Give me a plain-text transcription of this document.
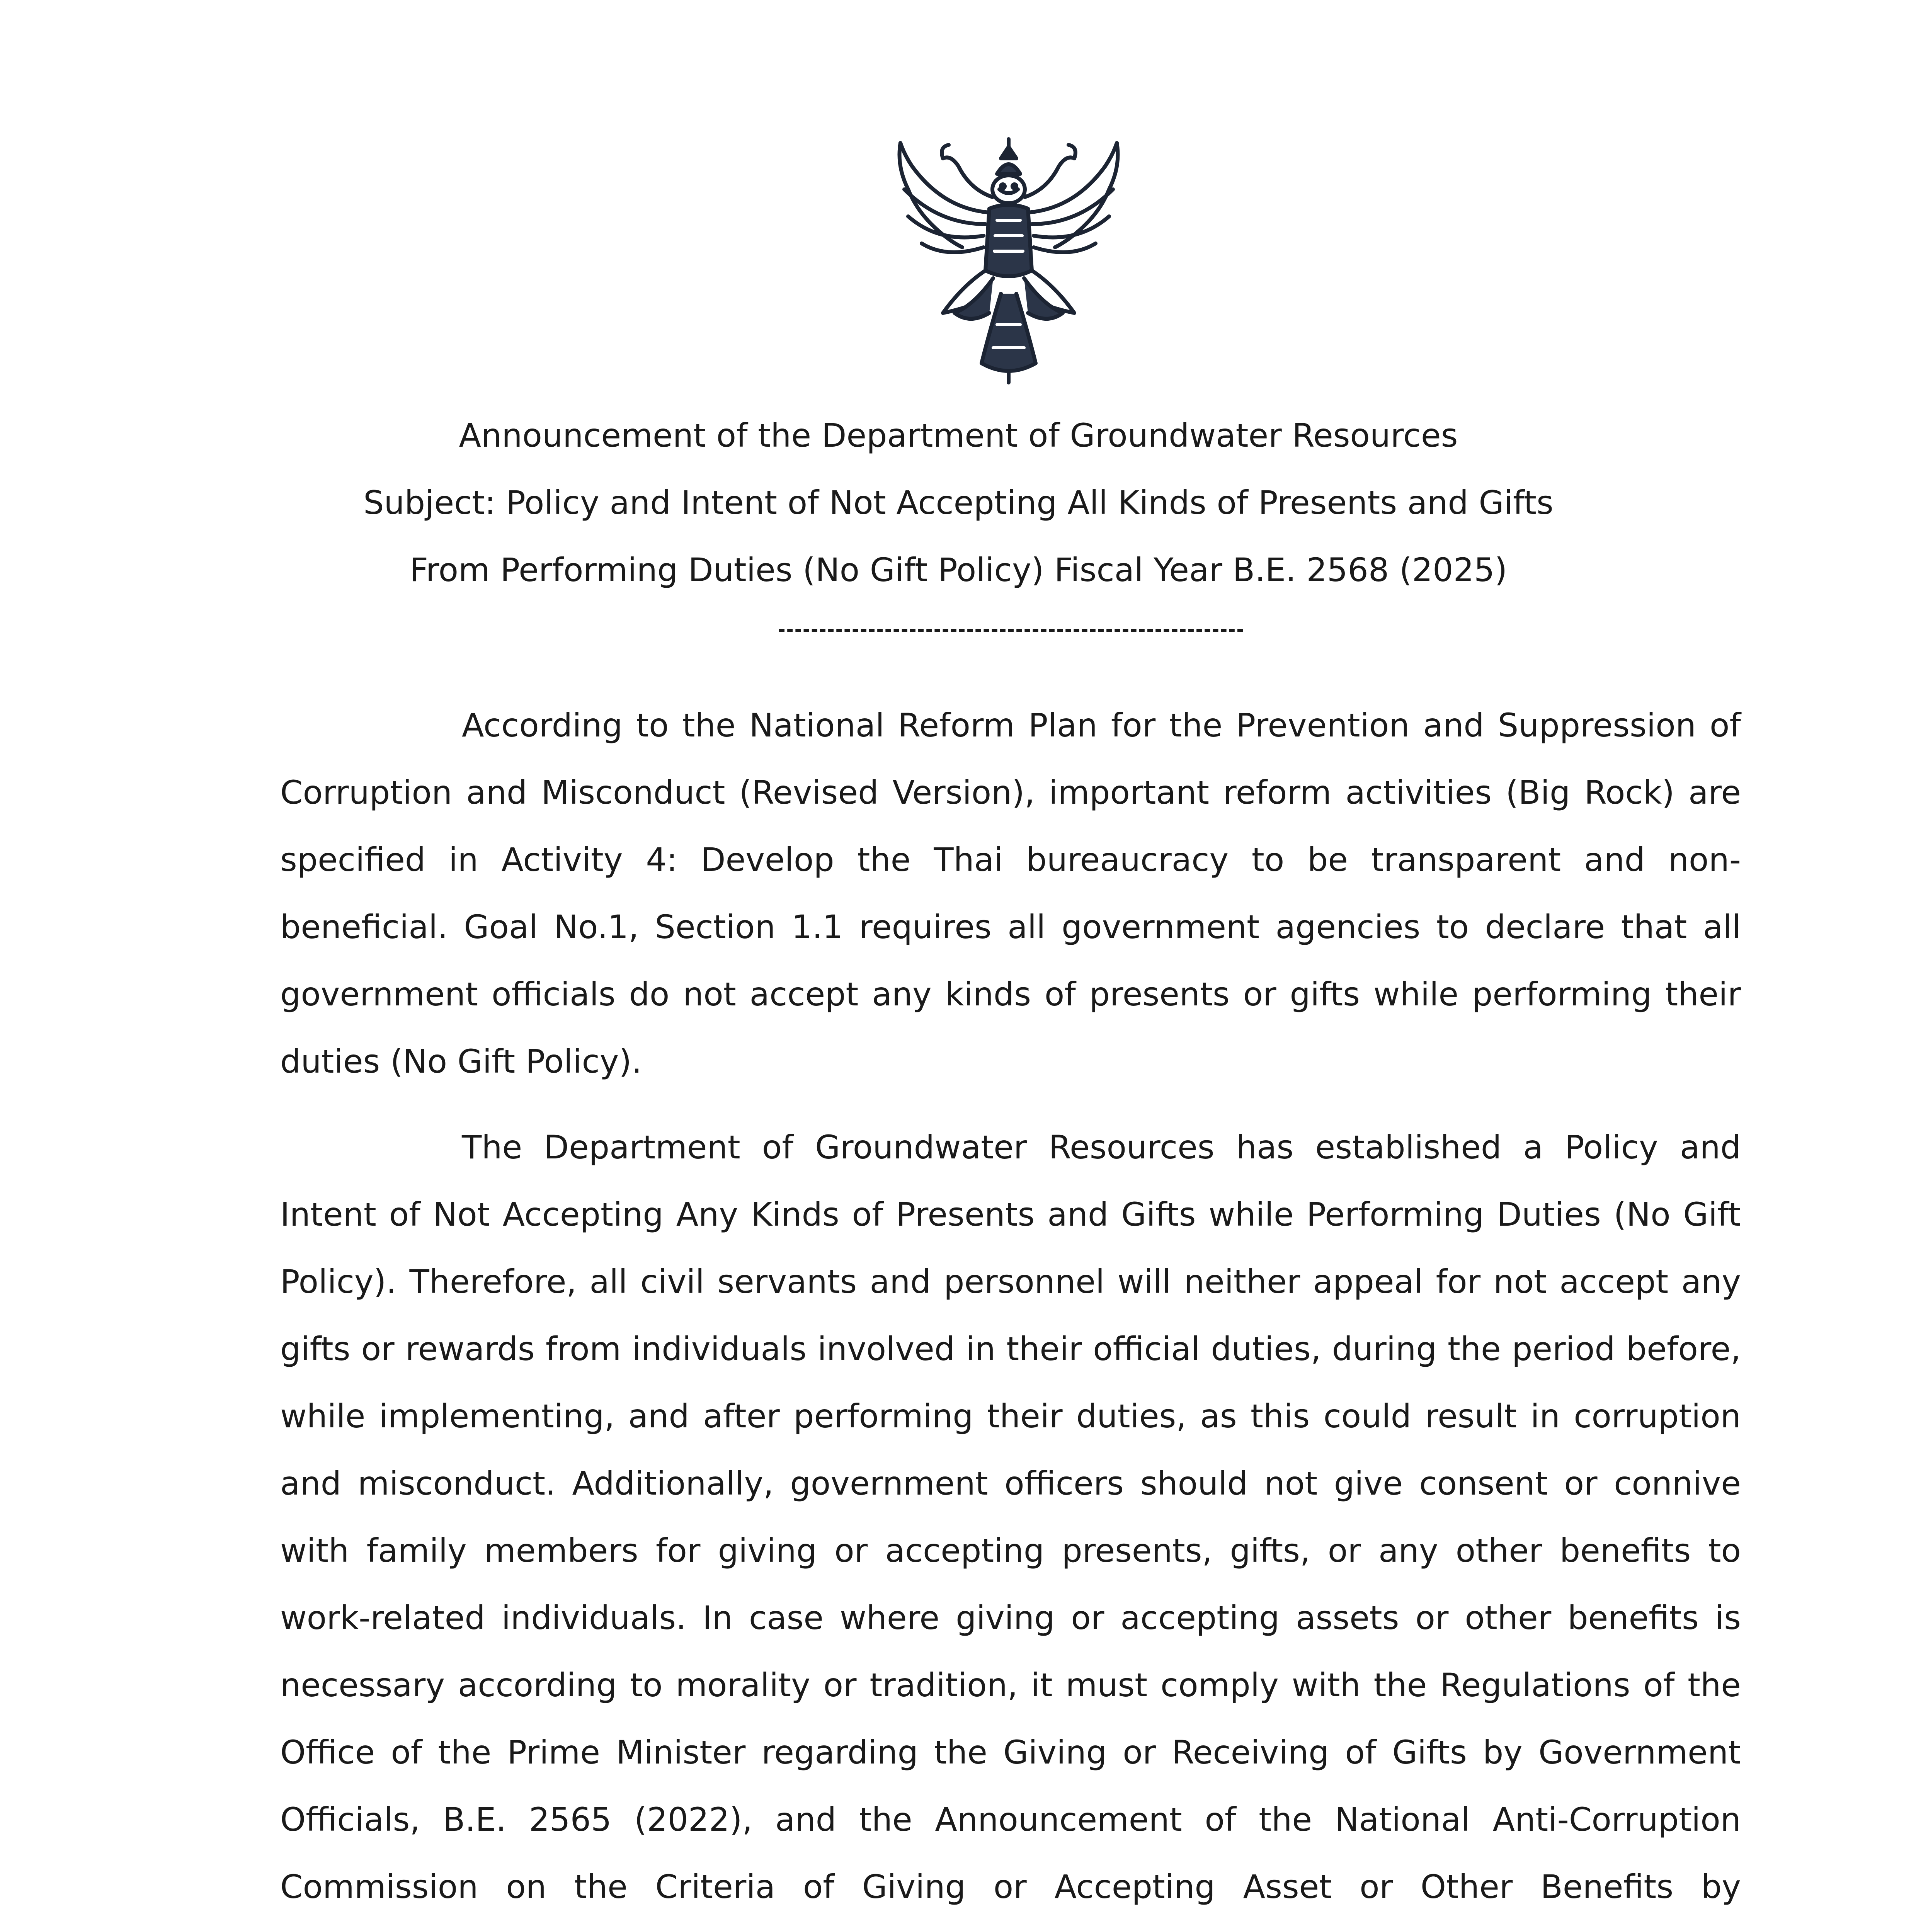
Announcement of the Department of Groundwater Resources
Subject: Policy and Intent of Not Accepting All Kinds of Presents and Gifts
From Performing Duties (No Gift Policy) Fiscal Year B.E. 2568 (2025)

According to the National Reform Plan for the Prevention and Suppression of Corruption and Misconduct (Revised Version), important reform activities (Big Rock) are specified in Activity 4: Develop the Thai bureaucracy to be transparent and non-beneficial. Goal No.1, Section 1.1 requires all government agencies to declare that all government officials do not accept any kinds of presents or gifts while performing their duties (No Gift Policy).

The Department of Groundwater Resources has established a Policy and Intent of Not Accepting Any Kinds of Presents and Gifts while Performing Duties (No Gift Policy). Therefore, all civil servants and personnel will neither appeal for not accept any gifts or rewards from individuals involved in their official duties, during the period before, while implementing, and after performing their duties, as this could result in corruption and misconduct. Additionally, government officers should not give consent or connive with family members for giving or accepting presents, gifts, or any other benefits to work-related individuals. In case where giving or accepting assets or other benefits is necessary according to morality or tradition, it must comply with the Regulations of the Office of the Prime Minister regarding the Giving or Receiving of Gifts by Government Officials, B.E. 2565 (2022), and the Announcement of the National Anti-Corruption Commission on the Criteria of Giving or Accepting Asset or Other Benefits by
